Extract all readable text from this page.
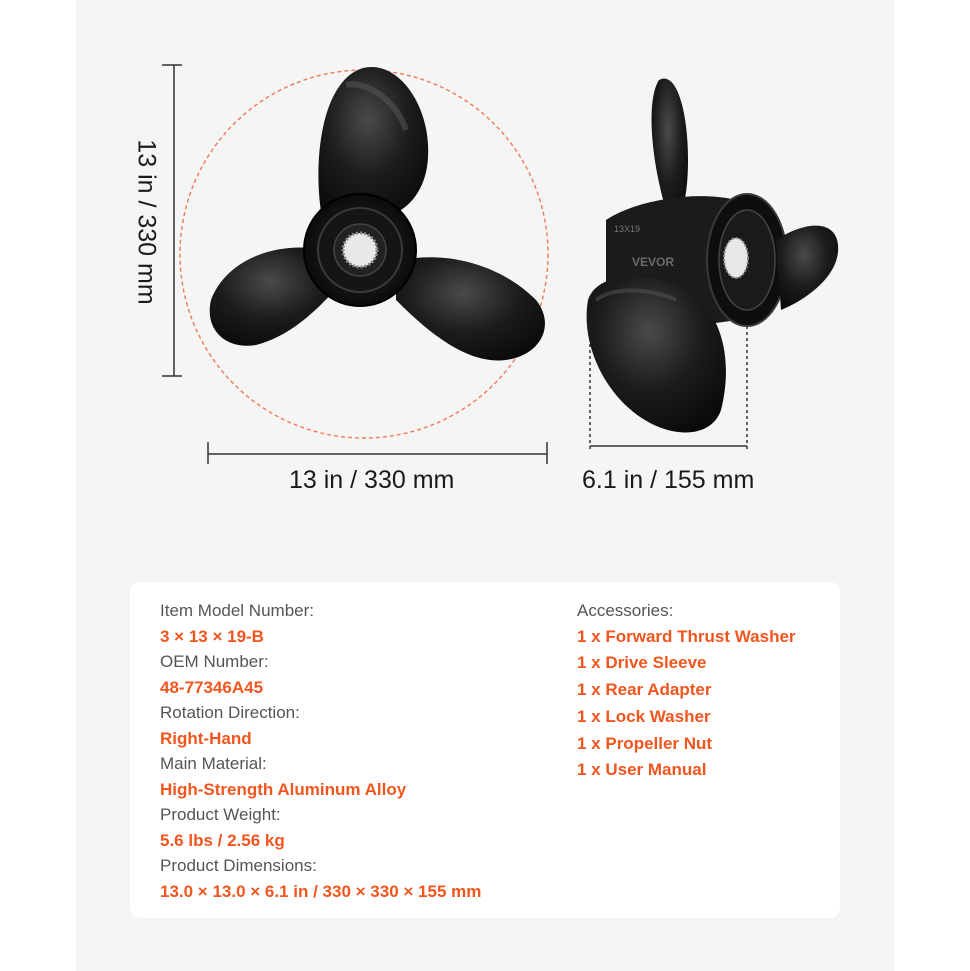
13X19
VEVOR
13 in / 330 mm
13 in / 330 mm	6.1 in / 155 mm
Item Model Number:
3 × 13 × 19-B
OEM Number:
48-77346A45
Rotation Direction:
Right-Hand
Main Material:
High-Strength Aluminum Alloy
Product Weight:
5.6 lbs / 2.56 kg
Product Dimensions:
13.0 × 13.0 × 6.1 in / 330 × 330 × 155 mm
Accessories:
1 x Forward Thrust Washer
1 x Drive Sleeve
1 x Rear Adapter
1 x Lock Washer
1 x Propeller Nut
1 x User Manual
